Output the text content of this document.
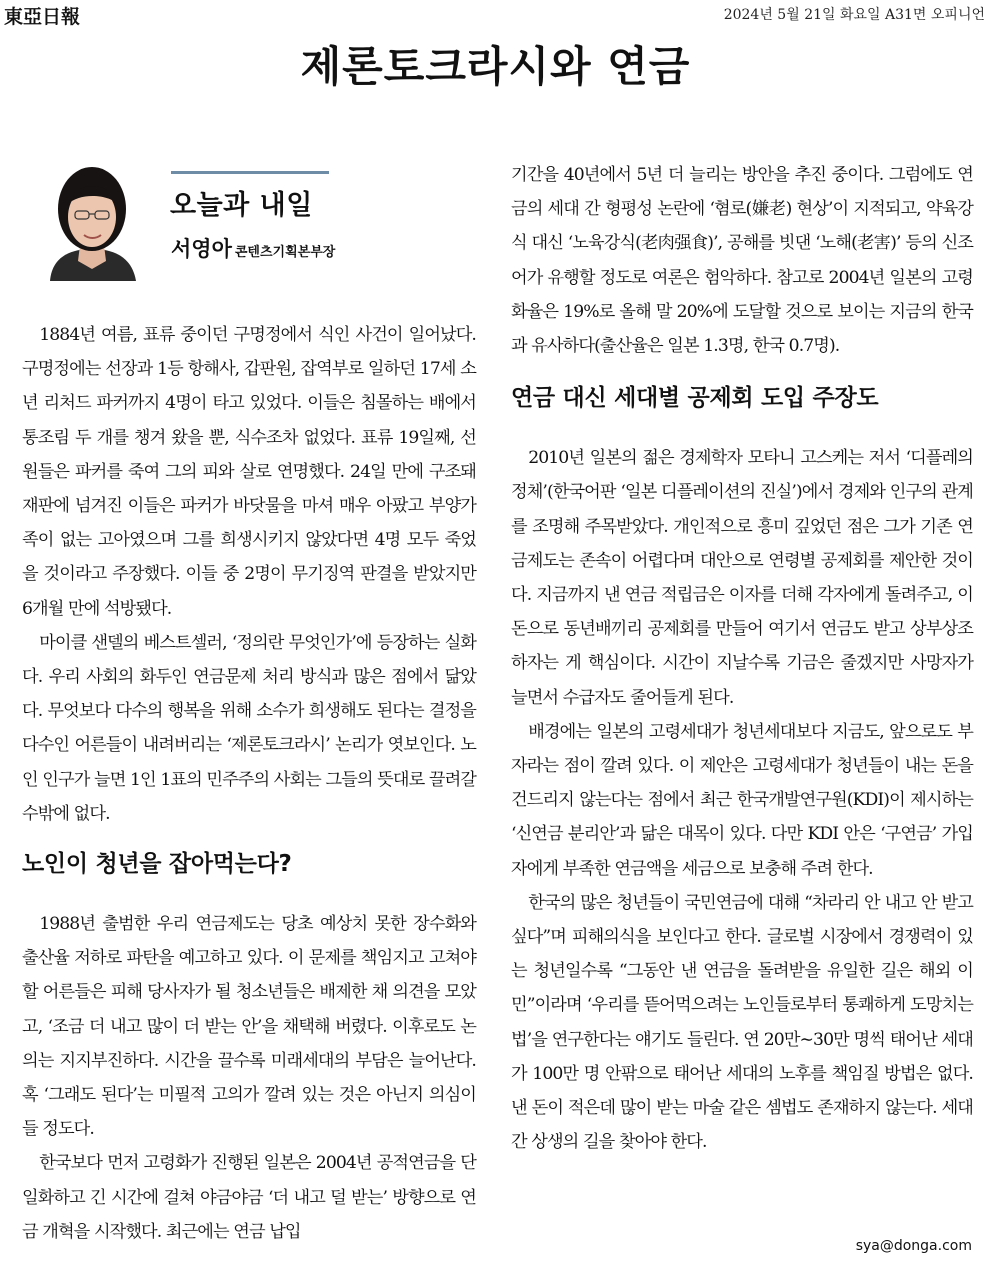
東亞日報	2024년 5월 21일 화요일 A31면 오피니언
제론토크라시와 연금
오늘과 내일
서영아 콘텐츠기획본부장

1884년 여름, 표류 중이던 구명정에서 식인 사건이 일어났다. 구명정에는 선장과 1등 항해사, 갑판원, 잡역부로 일하던 17세 소년 리처드 파커까지 4명이 타고 있었다. 이들은 침몰하는 배에서 통조림 두 개를 챙겨 왔을 뿐, 식수조차 없었다. 표류 19일째, 선원들은 파커를 죽여 그의 피와 살로 연명했다. 24일 만에 구조돼 재판에 넘겨진 이들은 파커가 바닷물을 마셔 매우 아팠고 부양가족이 없는 고아였으며 그를 희생시키지 않았다면 4명 모두 죽었을 것이라고 주장했다. 이들 중 2명이 무기징역 판결을 받았지만 6개월 만에 석방됐다.

마이클 샌델의 베스트셀러, ‘정의란 무엇인가’에 등장하는 실화다. 우리 사회의 화두인 연금문제 처리 방식과 많은 점에서 닮았다. 무엇보다 다수의 행복을 위해 소수가 희생해도 된다는 결정을 다수인 어른들이 내려버리는 ‘제론토크라시’ 논리가 엿보인다. 노인 인구가 늘면 1인 1표의 민주주의 사회는 그들의 뜻대로 끌려갈 수밖에 없다.

노인이 청년을 잡아먹는다?

1988년 출범한 우리 연금제도는 당초 예상치 못한 장수화와 출산율 저하로 파탄을 예고하고 있다. 이 문제를 책임지고 고쳐야 할 어른들은 피해 당사자가 될 청소년들은 배제한 채 의견을 모았고, ‘조금 더 내고 많이 더 받는 안’을 채택해 버렸다. 이후로도 논의는 지지부진하다. 시간을 끌수록 미래세대의 부담은 늘어난다. 혹 ‘그래도 된다’는 미필적 고의가 깔려 있는 것은 아닌지 의심이 들 정도다.

한국보다 먼저 고령화가 진행된 일본은 2004년 공적연금을 단일화하고 긴 시간에 걸쳐 야금야금 ‘더 내고 덜 받는’ 방향으로 연금 개혁을 시작했다. 최근에는 연금 납입

기간을 40년에서 5년 더 늘리는 방안을 추진 중이다. 그럼에도 연금의 세대 간 형평성 논란에 ‘혐로(嫌老) 현상’이 지적되고, 약육강식 대신 ‘노육강식(老肉强食)’, 공해를 빗댄 ‘노해(老害)’ 등의 신조어가 유행할 정도로 여론은 험악하다. 참고로 2004년 일본의 고령화율은 19%로 올해 말 20%에 도달할 것으로 보이는 지금의 한국과 유사하다(출산율은 일본 1.3명, 한국 0.7명).

연금 대신 세대별 공제회 도입 주장도

2010년 일본의 젊은 경제학자 모타니 고스케는 저서 ‘디플레의 정체’(한국어판 ‘일본 디플레이션의 진실’)에서 경제와 인구의 관계를 조명해 주목받았다. 개인적으로 흥미 깊었던 점은 그가 기존 연금제도는 존속이 어렵다며 대안으로 연령별 공제회를 제안한 것이다. 지금까지 낸 연금 적립금은 이자를 더해 각자에게 돌려주고, 이 돈으로 동년배끼리 공제회를 만들어 여기서 연금도 받고 상부상조하자는 게 핵심이다. 시간이 지날수록 기금은 줄겠지만 사망자가 늘면서 수급자도 줄어들게 된다.

배경에는 일본의 고령세대가 청년세대보다 지금도, 앞으로도 부자라는 점이 깔려 있다. 이 제안은 고령세대가 청년들이 내는 돈을 건드리지 않는다는 점에서 최근 한국개발연구원(KDI)이 제시하는 ‘신연금 분리안’과 닮은 대목이 있다. 다만 KDI 안은 ‘구연금’ 가입자에게 부족한 연금액을 세금으로 보충해 주려 한다.

한국의 많은 청년들이 국민연금에 대해 “차라리 안 내고 안 받고 싶다”며 피해의식을 보인다고 한다. 글로벌 시장에서 경쟁력이 있는 청년일수록 “그동안 낸 연금을 돌려받을 유일한 길은 해외 이민”이라며 ‘우리를 뜯어먹으려는 노인들로부터 통쾌하게 도망치는 법’을 연구한다는 얘기도 들린다. 연 20만∼30만 명씩 태어난 세대가 100만 명 안팎으로 태어난 세대의 노후를 책임질 방법은 없다. 낸 돈이 적은데 많이 받는 마술 같은 셈법도 존재하지 않는다. 세대 간 상생의 길을 찾아야 한다.

sya@donga.com
